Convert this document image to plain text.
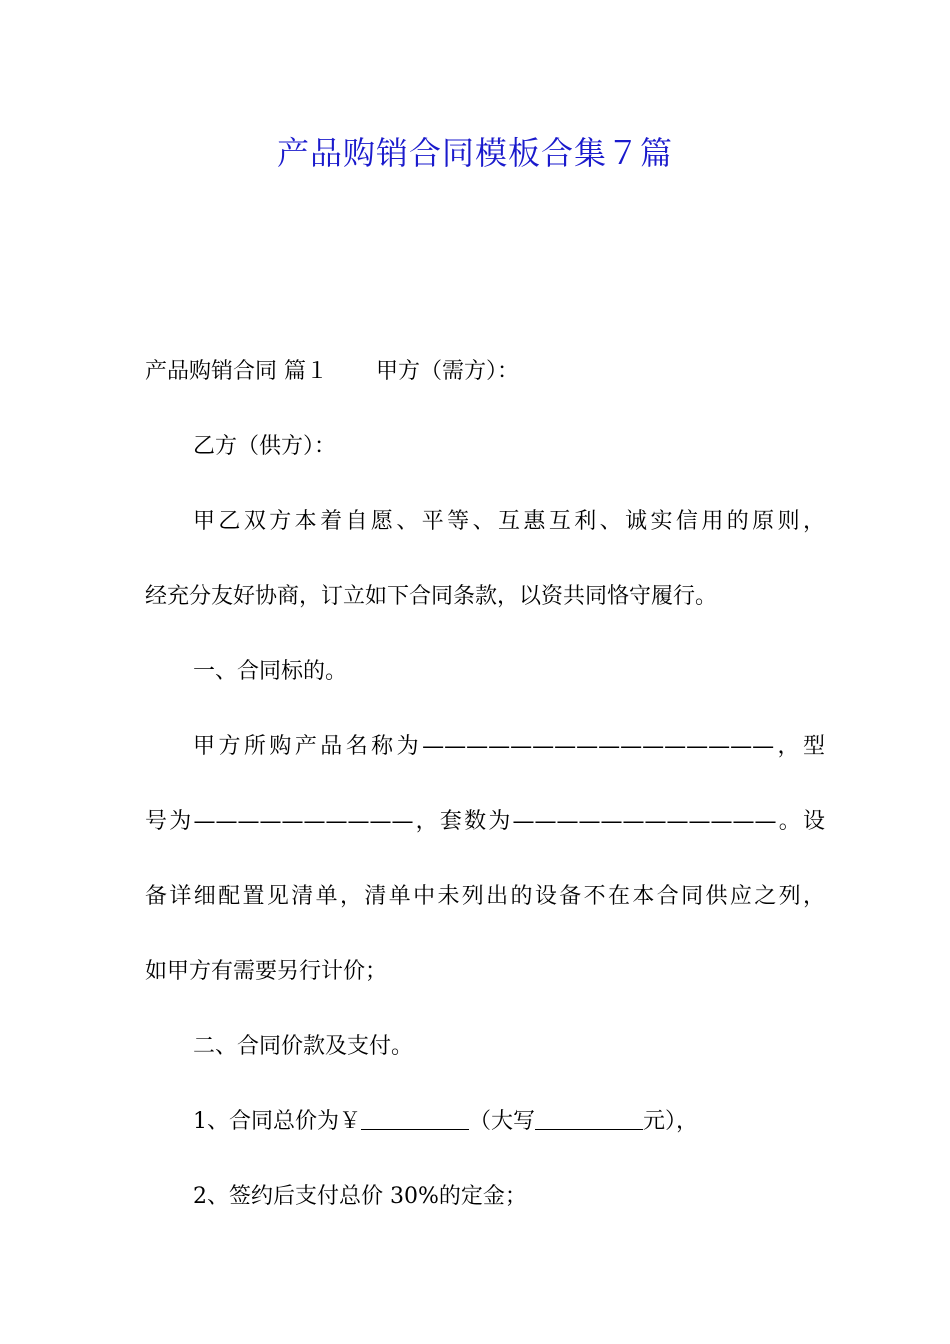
产品购销合同模板合集７篇
产品购销合同 篇１ 甲方（需方）：
乙方（供方）：
甲乙双方本着自愿、平等、互惠互利、诚实信用的原则，
经充分友好协商，订立如下合同条款，以资共同恪守履行。
一、合同标的。
甲方所购产品名称为————————————————，型
号为——————————，套数为————————————。设
备详细配置见清单，清单中未列出的设备不在本合同供应之列，
如甲方有需要另行计价；
二、合同价款及支付。
1、合同总价为￥	（大写	元），
2、签约后支付总价 30%的定金；
